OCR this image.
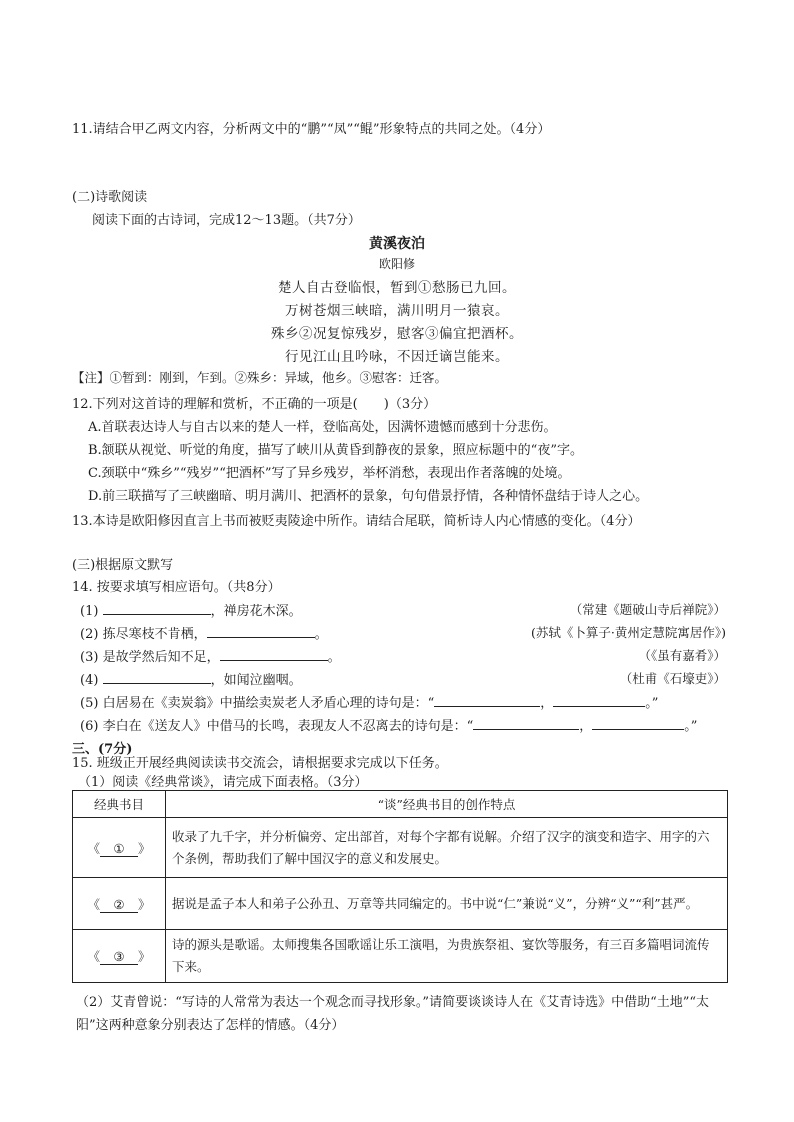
11.请结合甲乙两文内容，分析两文中的“鹏”“凤”“鲲”形象特点的共同之处。（4分）
(二)诗歌阅读
阅读下面的古诗词，完成12～13题。（共7分）
黄溪夜泊
欧阳修
楚人自古登临恨，暂到①愁肠已九回。
万树苍烟三峡暗，满川明月一猿哀。
殊乡②况复惊残岁，慰客③偏宜把酒杯。
行见江山且吟咏，不因迁谪岂能来。
【注】①暂到：刚到，乍到。②殊乡：异域，他乡。③慰客：迁客。
12.下列对这首诗的理解和赏析，不正确的一项是(　　)（3分）
A.首联表达诗人与自古以来的楚人一样，登临高处，因满怀遗憾而感到十分悲伤。
B.颔联从视觉、听觉的角度，描写了峡川从黄昏到静夜的景象，照应标题中的“夜”字。
C.颈联中“殊乡”“残岁”“把酒杯”写了异乡残岁，举杯消愁，表现出作者落魄的处境。
D.前三联描写了三峡幽暗、明月满川、把酒杯的景象，句句借景抒情，各种情怀盘结于诗人之心。
13.本诗是欧阳修因直言上书而被贬夷陵途中所作。请结合尾联，简析诗人内心情感的变化。（4分）
(三)根据原文默写
14. 按要求填写相应语句。（共8分）
(1)	，禅房花木深。	（常建《题破山寺后禅院》）
(2) 拣尽寒枝不肯栖，	。	(苏轼《卜算子·黄州定慧院寓居作》)
(3) 是故学然后知不足，	。	（《虽有嘉肴》）
(4)	，如闻泣幽咽。	（杜甫《石壕吏》）
(5) 白居易在《卖炭翁》中描绘卖炭老人矛盾心理的诗句是：“	，	。”
(6) 李白在《送友人》中借马的长鸣，表现友人不忍离去的诗句是：“	，	。”
三、(7分)
15. 班级正开展经典阅读读书交流会，请根据要求完成以下任务。
（1）阅读《经典常谈》，请完成下面表格。（3分）
经典书目	“谈”经典书目的创作特点
《 ① 》	收录了九千字，并分析偏旁、定出部首，对每个字都有说解。介绍了汉字的演变和造字、用字的六个条例，帮助我们了解中国汉字的意义和发展史。
《 ② 》	据说是孟子本人和弟子公孙丑、万章等共同编定的。书中说“仁”兼说“义”，分辨“义”“利”甚严。
《 ③ 》	诗的源头是歌谣。太师搜集各国歌谣让乐工演唱，为贵族祭祖、宴饮等服务，有三百多篇唱词流传下来。
（2）艾青曾说：“写诗的人常常为表达一个观念而寻找形象。”请简要谈谈诗人在《艾青诗选》中借助“土地”“太
阳”这两种意象分别表达了怎样的情感。（4分）
